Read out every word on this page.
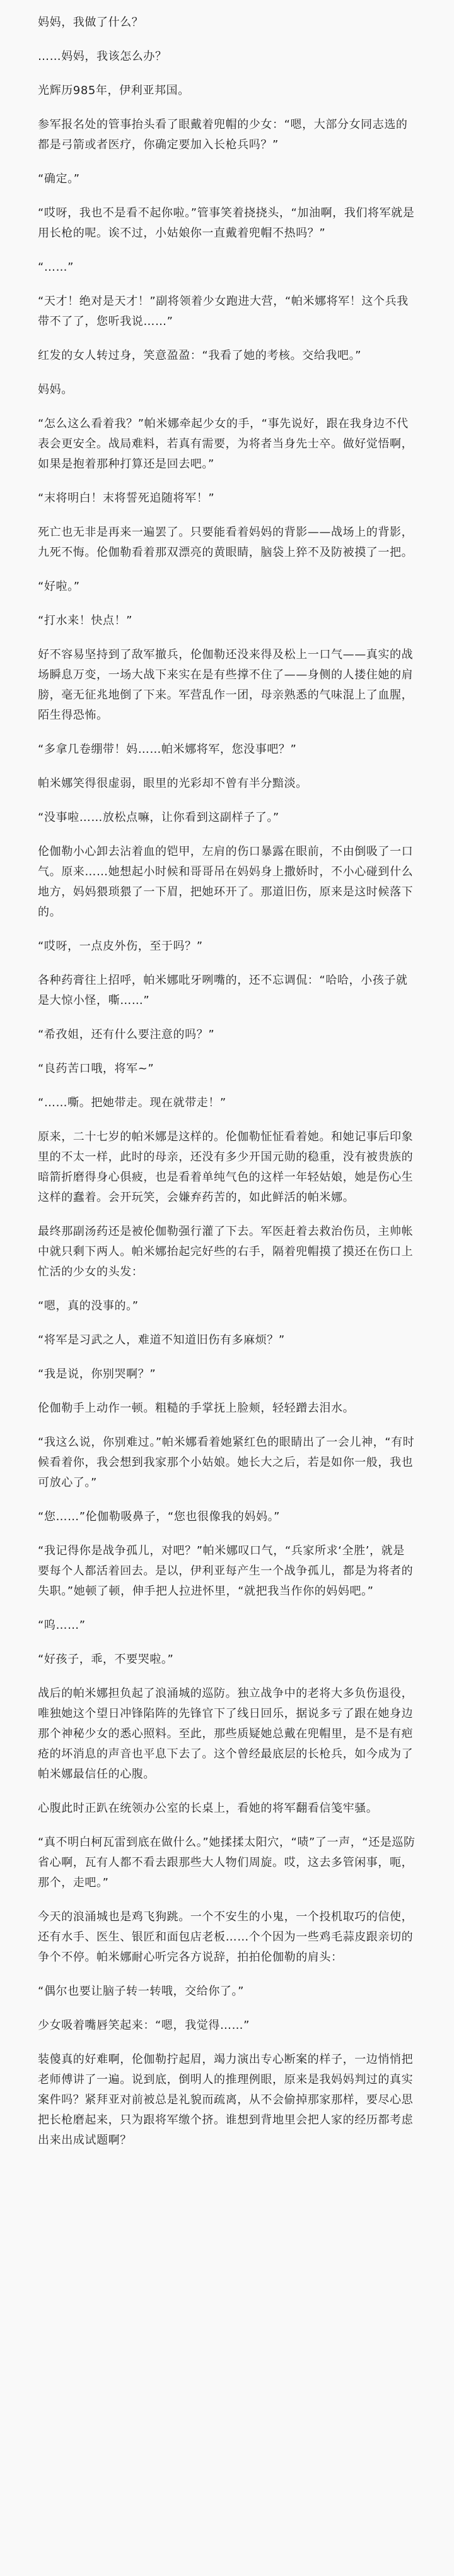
妈妈，我做了什么？

……妈妈，我该怎么办？

光辉历985年，伊利亚邦国。

参军报名处的管事抬头看了眼戴着兜帽的少女：“嗯，大部分女同志选的都是弓箭或者医疗，你确定要加入长枪兵吗？”

“确定。”

“哎呀，我也不是看不起你啦。”管事笑着挠挠头，“加油啊，我们将军就是用长枪的呢。诶不过，小姑娘你一直戴着兜帽不热吗？”

“……”

“天才！绝对是天才！”副将领着少女跑进大营，“帕米娜将军！这个兵我带不了了，您听我说……”

红发的女人转过身，笑意盈盈：“我看了她的考核。交给我吧。”

妈妈。

“怎么这么看着我？”帕米娜牵起少女的手，“事先说好，跟在我身边不代表会更安全。战局难料，若真有需要，为将者当身先士卒。做好觉悟啊，如果是抱着那种打算还是回去吧。”

“末将明白！末将誓死追随将军！”

死亡也无非是再来一遍罢了。只要能看着妈妈的背影——战场上的背影，九死不悔。伦伽勒看着那双漂亮的黄眼睛，脑袋上猝不及防被摸了一把。

“好啦。”

“打水来！快点！”

好不容易坚持到了敌军撤兵，伦伽勒还没来得及松上一口气——真实的战场瞬息万变，一场大战下来实在是有些撑不住了——身侧的人搂住她的肩膀，毫无征兆地倒了下来。军营乱作一团，母亲熟悉的气味混上了血腥，陌生得恐怖。

“多拿几卷绷带！妈……帕米娜将军，您没事吧？”

帕米娜笑得很虚弱，眼里的光彩却不曾有半分黯淡。

“没事啦……放松点嘛，让你看到这副样子了。”

伦伽勒小心卸去沾着血的铠甲，左肩的伤口暴露在眼前，不由倒吸了一口气。原来……她想起小时候和哥哥吊在妈妈身上撒娇时，不小心碰到什么地方，妈妈猥琐猥了一下眉，把她环开了。那道旧伤，原来是这时候落下的。

“哎呀，一点皮外伤，至于吗？”

各种药膏往上招呼，帕米娜吡牙咧嘴的，还不忘调侃：“哈哈，小孩子就是大惊小怪，嘶……”

“希孜姐，还有什么要注意的吗？”

“良药苦口哦，将军~”

“……嘶。把她带走。现在就带走！”

原来，二十七岁的帕米娜是这样的。伦伽勒怔怔看着她。和她记事后印象里的不太一样，此时的母亲，还没有多少开国元勋的稳重，没有被贵族的暗箭折磨得身心俱疲，也是看着单纯气色的这样一年轻姑娘，她是伤心生这样的蠢着。会开玩笑，会嫌弃药苦的，如此鲜活的帕米娜。

最终那副汤药还是被伦伽勒强行灌了下去。军医赶着去救治伤员，主帅帐中就只剩下两人。帕米娜抬起完好些的右手，隔着兜帽摸了摸还在伤口上忙活的少女的头发：

“嗯，真的没事的。”

“将军是习武之人，难道不知道旧伤有多麻烦？”

“我是说，你别哭啊？”

伦伽勒手上动作一顿。粗糙的手掌抚上脸颊，轻轻蹭去泪水。

“我这么说，你别难过。”帕米娜看着她紧红色的眼睛出了一会儿神，“有时候看着你，我会想到我家那个小姑娘。她长大之后，若是如你一般，我也可放心了。”

“您……”伦伽勒吸鼻子，“您也很像我的妈妈。”

“我记得你是战争孤儿，对吧？”帕米娜叹口气，“兵家所求‘全胜’，就是要每个人都活着回去。是以，伊利亚每产生一个战争孤儿，都是为将者的失职。”她顿了顿，伸手把人拉进怀里，“就把我当作你的妈妈吧。”

“呜……”

“好孩子，乖，不要哭啦。”

战后的帕米娜担负起了浪涌城的巡防。独立战争中的老将大多负伤退役，唯独她这个望日冲锋陷阵的先锋官下了线日回乐，据说多亏了跟在她身边那个神秘少女的悉心照料。至此，那些质疑她总戴在兜帽里，是不是有疤疮的坏消息的声音也平息下去了。这个曾经最底层的长枪兵，如今成为了帕米娜最信任的心腹。

心腹此时正趴在统领办公室的长桌上，看她的将军翻看信笺牢骚。

“真不明白柯瓦雷到底在做什么。”她揉揉太阳穴，“啧”了一声，“还是巡防省心啊，瓦有人都不看去跟那些大人物们周旋。哎，这去多管闲事，呃，那个，走吧。”

今天的浪涌城也是鸡飞狗跳。一个不安生的小鬼，一个投机取巧的信使，还有水手、医生、银匠和面包店老板……个个因为一些鸡毛蒜皮跟亲切的争个不停。帕米娜耐心听完各方说辞，拍拍伦伽勒的肩头：

“偶尔也要让脑子转一转哦，交给你了。”

少女吸着嘴唇笑起来：“嗯，我觉得……”

装傻真的好难啊，伦伽勒拧起眉，竭力演出专心断案的样子，一边悄悄把老师傅讲了一遍。说到底，倒明人的推理例眼，原来是我妈妈判过的真实案件吗？紧拜亚对前被总是礼貌而疏离，从不会偷掉那家那样，要尽心思把长枪磨起来，只为跟将军缴个挤。谁想到背地里会把人家的经历都考虑出来出成试题啊？
